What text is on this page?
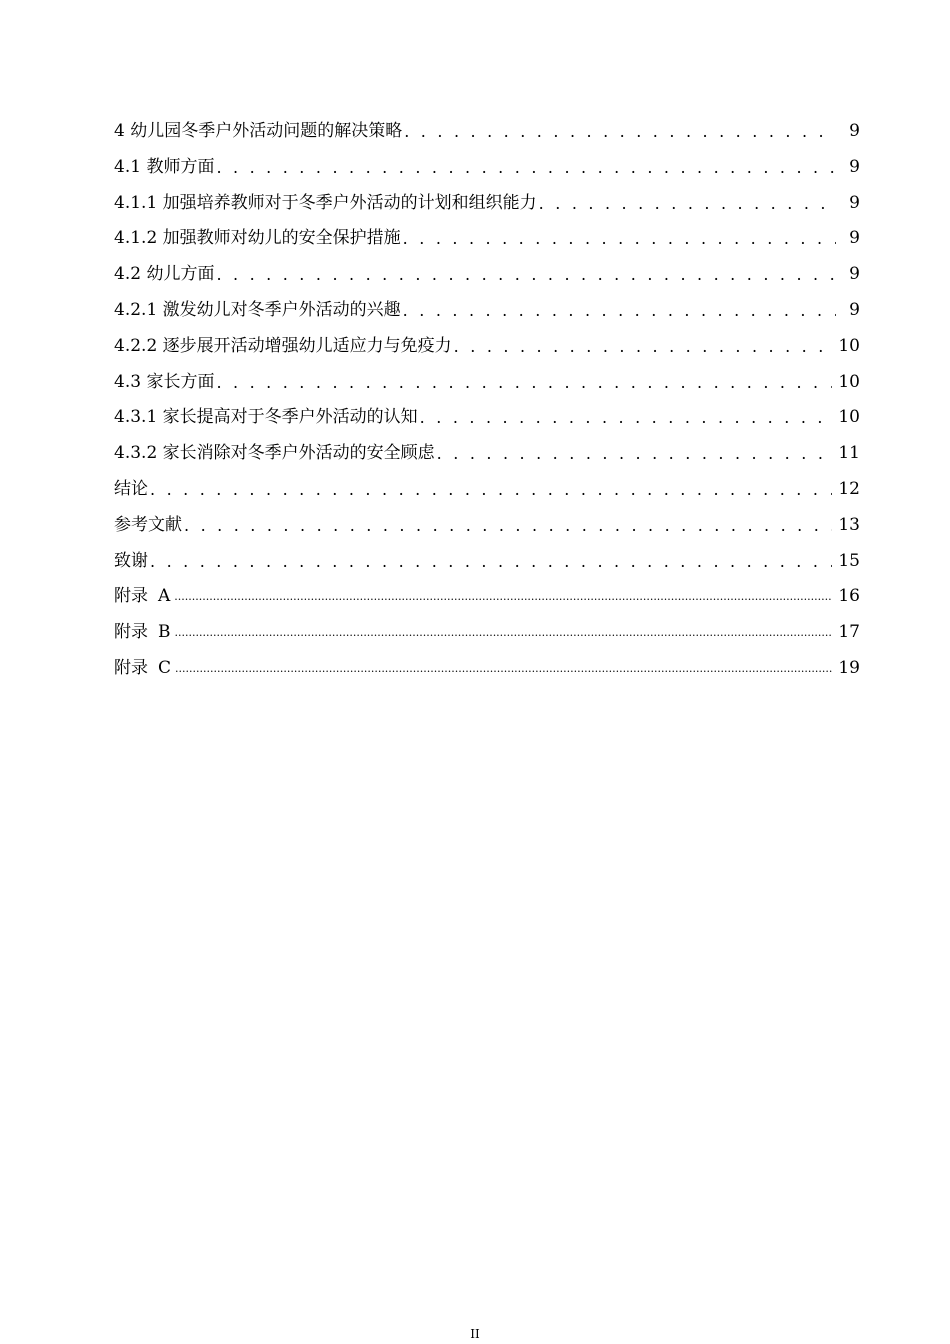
4 幼儿园冬季户外活动问题的解决策略 . . .	9
4.1 教师方面 . . .	9
4.1.1 加强培养教师对于冬季户外活动的计划和组织能力 . . .	9
4.1.2 加强教师对幼儿的安全保护措施 . . .	9
4.2 幼儿方面 . . .	9
4.2.1 激发幼儿对冬季户外活动的兴趣 . . .	9
4.2.2 逐步展开活动增强幼儿适应力与免疫力 . . .	10
4.3 家长方面 . . .	10
4.3.1 家长提高对于冬季户外活动的认知 . . .	10
4.3.2 家长消除对冬季户外活动的安全顾虑 . . .	11
结论 . . .	12
参考文献 . . .	13
致谢 . . .	15
附录 A .....	16
附录 B .....	17
附录 C .....	19
II
